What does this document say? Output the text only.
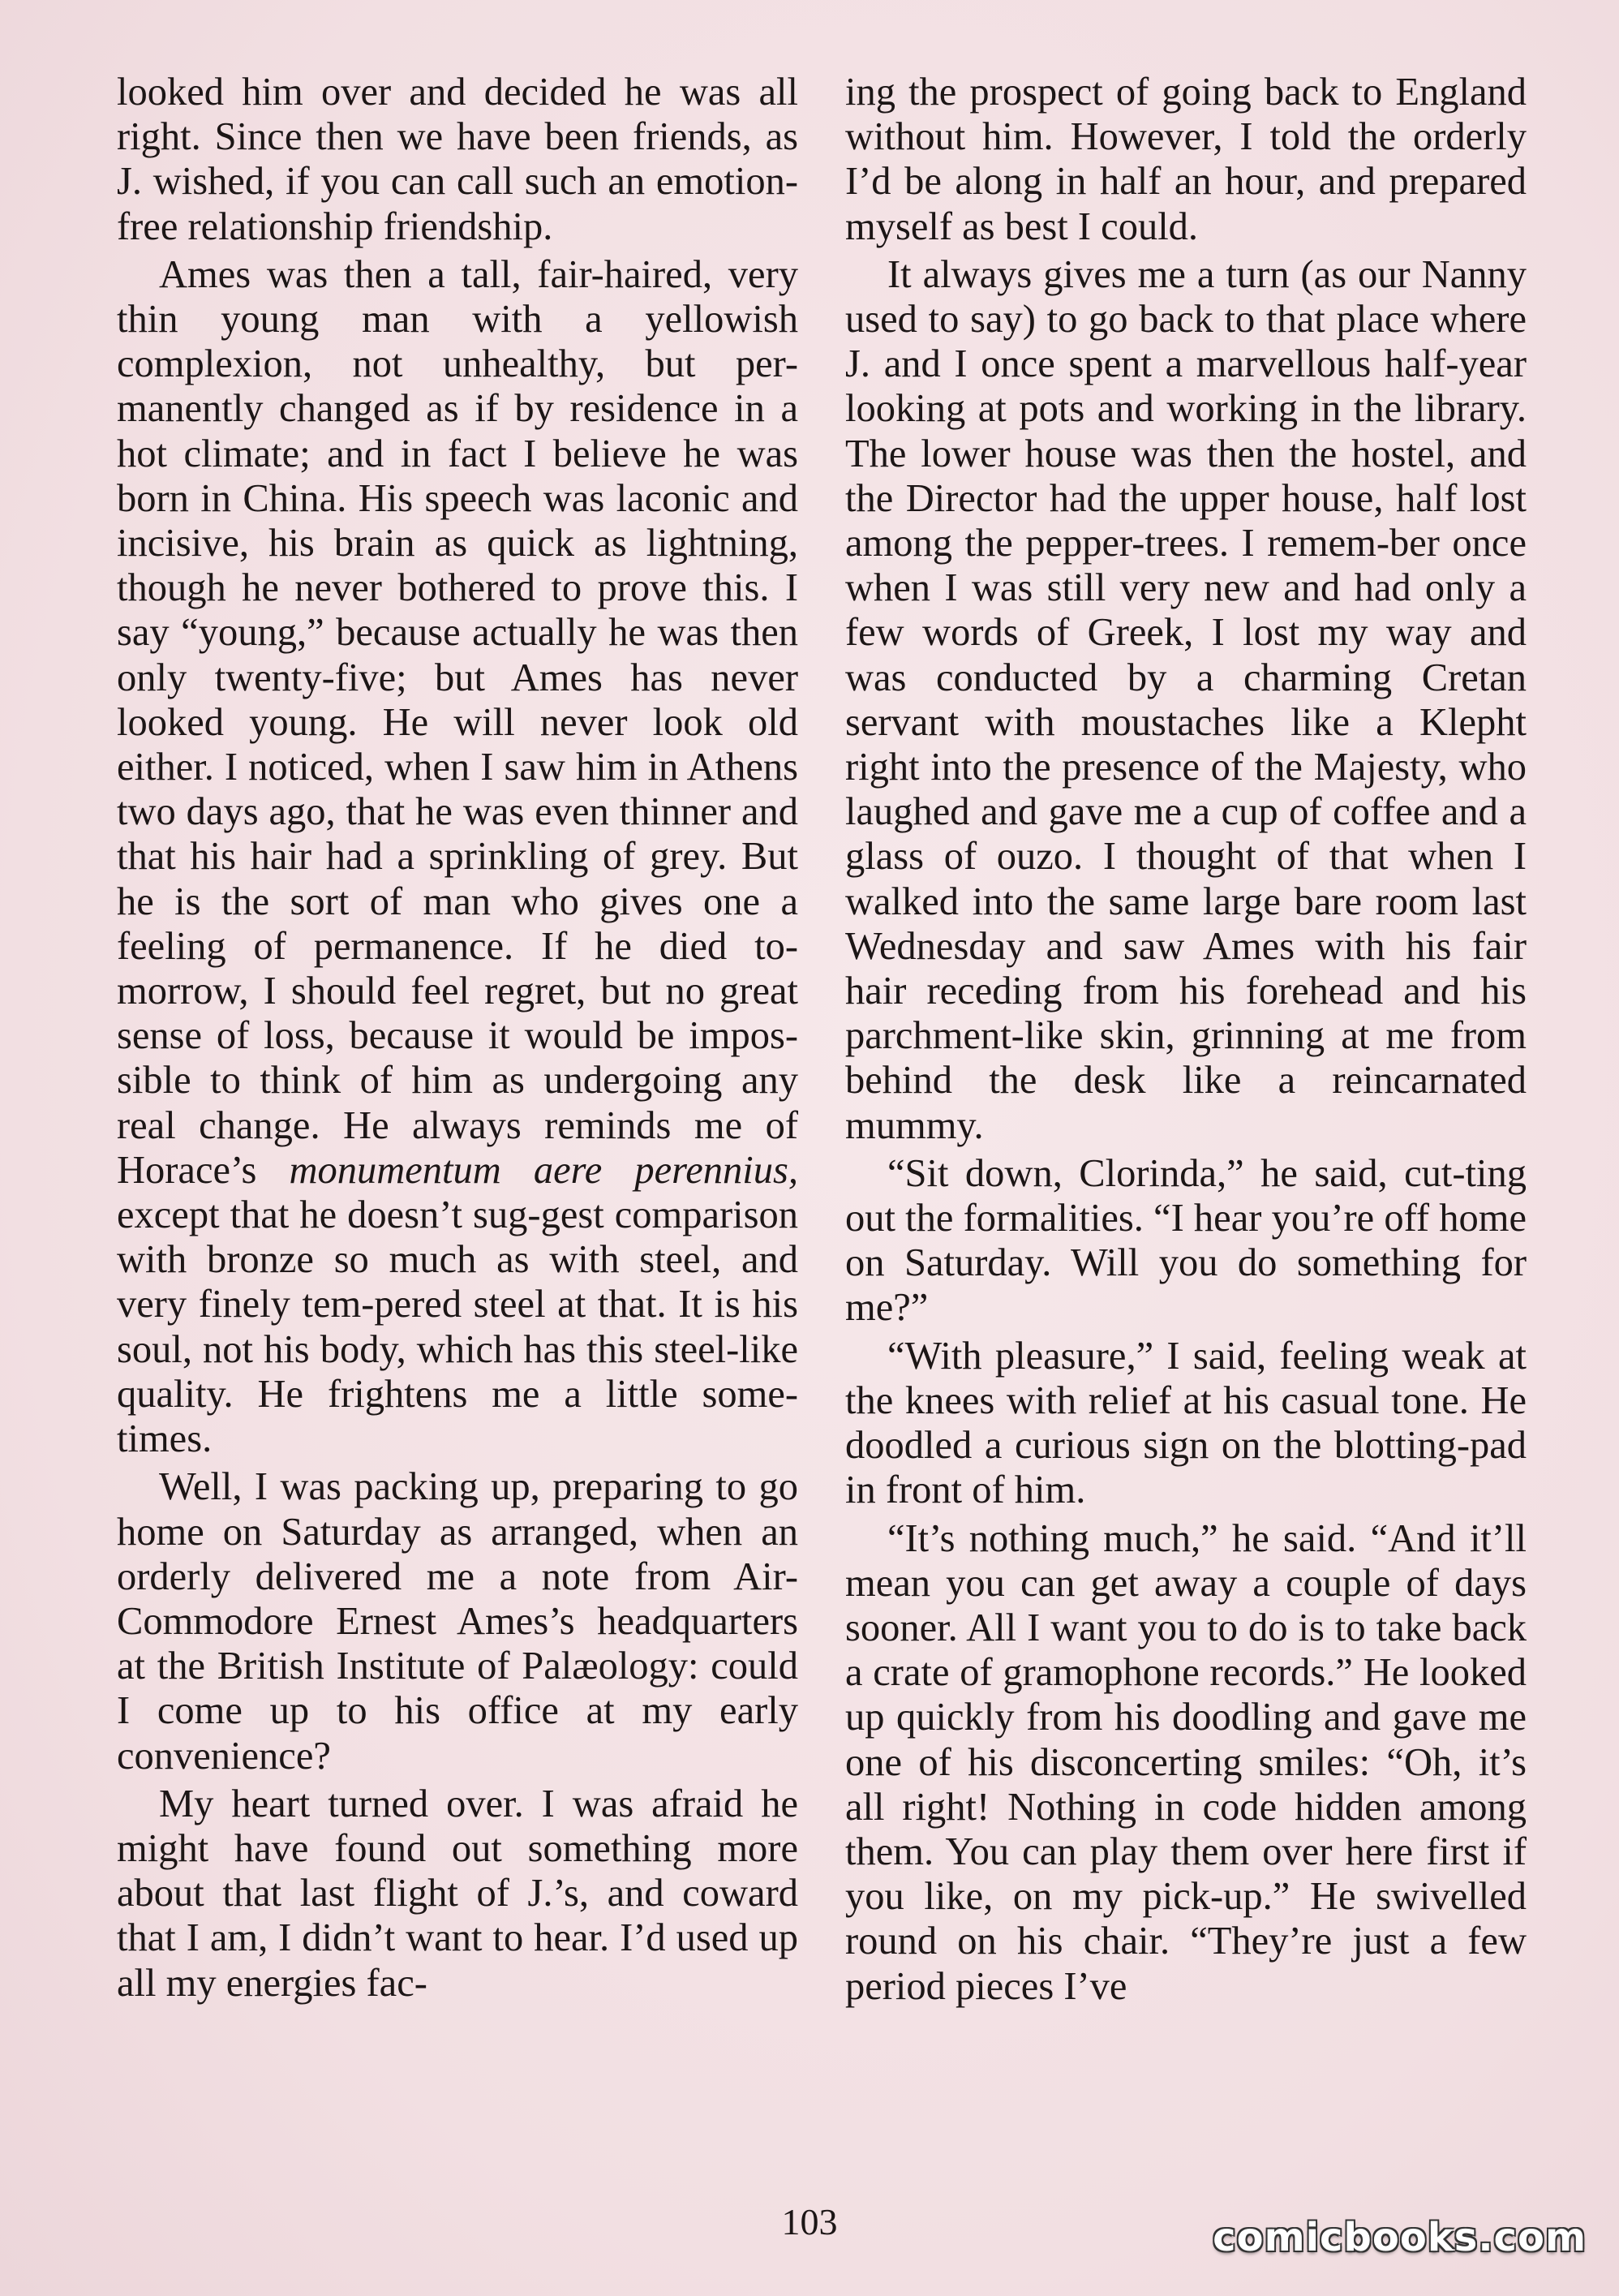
looked him over and decided he was all right. Since then we have been friends, as J. wished, if you can call such an emotion-free relationship friendship.

Ames was then a tall, fair-haired, very thin young man with a yellowish complexion, not unhealthy, but per-manently changed as if by residence in a hot climate; and in fact I believe he was born in China. His speech was laconic and incisive, his brain as quick as lightning, though he never bothered to prove this. I say “young,” because actually he was then only twenty-five; but Ames has never looked young. He will never look old either. I noticed, when I saw him in Athens two days ago, that he was even thinner and that his hair had a sprinkling of grey. But he is the sort of man who gives one a feeling of permanence. If he died to-morrow, I should feel regret, but no great sense of loss, because it would be impos-sible to think of him as undergoing any real change. He always reminds me of Horace’s monumentum aere perennius, except that he doesn’t sug-gest comparison with bronze so much as with steel, and very finely tem-pered steel at that. It is his soul, not his body, which has this steel-like quality. He frightens me a little some-times.

Well, I was packing up, preparing to go home on Saturday as arranged, when an orderly delivered me a note from Air-Commodore Ernest Ames’s headquarters at the British Institute of Palæology: could I come up to his office at my early convenience?

My heart turned over. I was afraid he might have found out something more about that last flight of J.’s, and coward that I am, I didn’t want to hear. I’d used up all my energies fac-

ing the prospect of going back to England without him. However, I told the orderly I’d be along in half an hour, and prepared myself as best I could.

It always gives me a turn (as our Nanny used to say) to go back to that place where J. and I once spent a marvellous half-year looking at pots and working in the library. The lower house was then the hostel, and the Director had the upper house, half lost among the pepper-trees. I remem-ber once when I was still very new and had only a few words of Greek, I lost my way and was conducted by a charming Cretan servant with moustaches like a Klepht right into the presence of the Majesty, who laughed and gave me a cup of coffee and a glass of ouzo. I thought of that when I walked into the same large bare room last Wednesday and saw Ames with his fair hair receding from his forehead and his parchment-like skin, grinning at me from behind the desk like a reincarnated mummy.

“Sit down, Clorinda,” he said, cut-ting out the formalities. “I hear you’re off home on Saturday. Will you do something for me?”

“With pleasure,” I said, feeling weak at the knees with relief at his casual tone. He doodled a curious sign on the blotting-pad in front of him.

“It’s nothing much,” he said. “And it’ll mean you can get away a couple of days sooner. All I want you to do is to take back a crate of gramophone records.” He looked up quickly from his doodling and gave me one of his disconcerting smiles: “Oh, it’s all right! Nothing in code hidden among them. You can play them over here first if you like, on my pick-up.” He swivelled round on his chair. “They’re just a few period pieces I’ve

103	comicbooks.com
